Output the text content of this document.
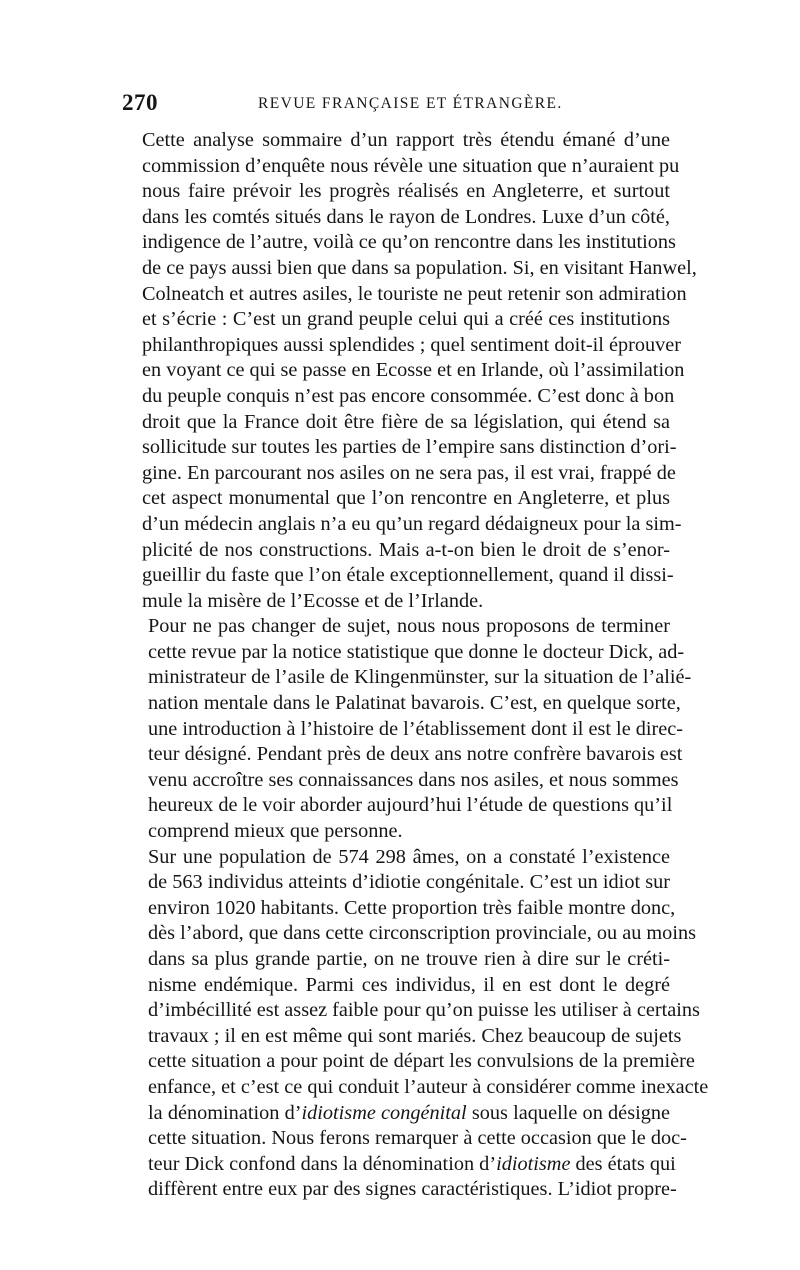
270	REVUE FRANÇAISE ET ÉTRANGÈRE.

Cette analyse sommaire d’un rapport très étendu émané d’une
commission d’enquête nous révèle une situation que n’auraient pu
nous faire prévoir les progrès réalisés en Angleterre, et surtout
dans les comtés situés dans le rayon de Londres. Luxe d’un côté,
indigence de l’autre, voilà ce qu’on rencontre dans les institutions
de ce pays aussi bien que dans sa population. Si, en visitant Hanwel,
Colneatch et autres asiles, le touriste ne peut retenir son admiration
et s’écrie : C’est un grand peuple celui qui a créé ces institutions
philanthropiques aussi splendides ; quel sentiment doit-il éprouver
en voyant ce qui se passe en Ecosse et en Irlande, où l’assimilation
du peuple conquis n’est pas encore consommée. C’est donc à bon
droit que la France doit être fière de sa législation, qui étend sa
sollicitude sur toutes les parties de l’empire sans distinction d’ori-
gine. En parcourant nos asiles on ne sera pas, il est vrai, frappé de
cet aspect monumental que l’on rencontre en Angleterre, et plus
d’un médecin anglais n’a eu qu’un regard dédaigneux pour la sim-
plicité de nos constructions. Mais a-t-on bien le droit de s’enor-
gueillir du faste que l’on étale exceptionnellement, quand il dissi-
mule la misère de l’Ecosse et de l’Irlande.

Pour ne pas changer de sujet, nous nous proposons de terminer
cette revue par la notice statistique que donne le docteur Dick, ad-
ministrateur de l’asile de Klingenmünster, sur la situation de l’alié-
nation mentale dans le Palatinat bavarois. C’est, en quelque sorte,
une introduction à l’histoire de l’établissement dont il est le direc-
teur désigné. Pendant près de deux ans notre confrère bavarois est
venu accroître ses connaissances dans nos asiles, et nous sommes
heureux de le voir aborder aujourd’hui l’étude de questions qu’il
comprend mieux que personne.

Sur une population de 574 298 âmes, on a constaté l’existence
de 563 individus atteints d’idiotie congénitale. C’est un idiot sur
environ 1020 habitants. Cette proportion très faible montre donc,
dès l’abord, que dans cette circonscription provinciale, ou au moins
dans sa plus grande partie, on ne trouve rien à dire sur le créti-
nisme endémique. Parmi ces individus, il en est dont le degré
d’imbécillité est assez faible pour qu’on puisse les utiliser à certains
travaux ; il en est même qui sont mariés. Chez beaucoup de sujets
cette situation a pour point de départ les convulsions de la première
enfance, et c’est ce qui conduit l’auteur à considérer comme inexacte
la dénomination d’idiotisme congénital sous laquelle on désigne
cette situation. Nous ferons remarquer à cette occasion que le doc-
teur Dick confond dans la dénomination d’idiotisme des états qui
diffèrent entre eux par des signes caractéristiques. L’idiot propre-
